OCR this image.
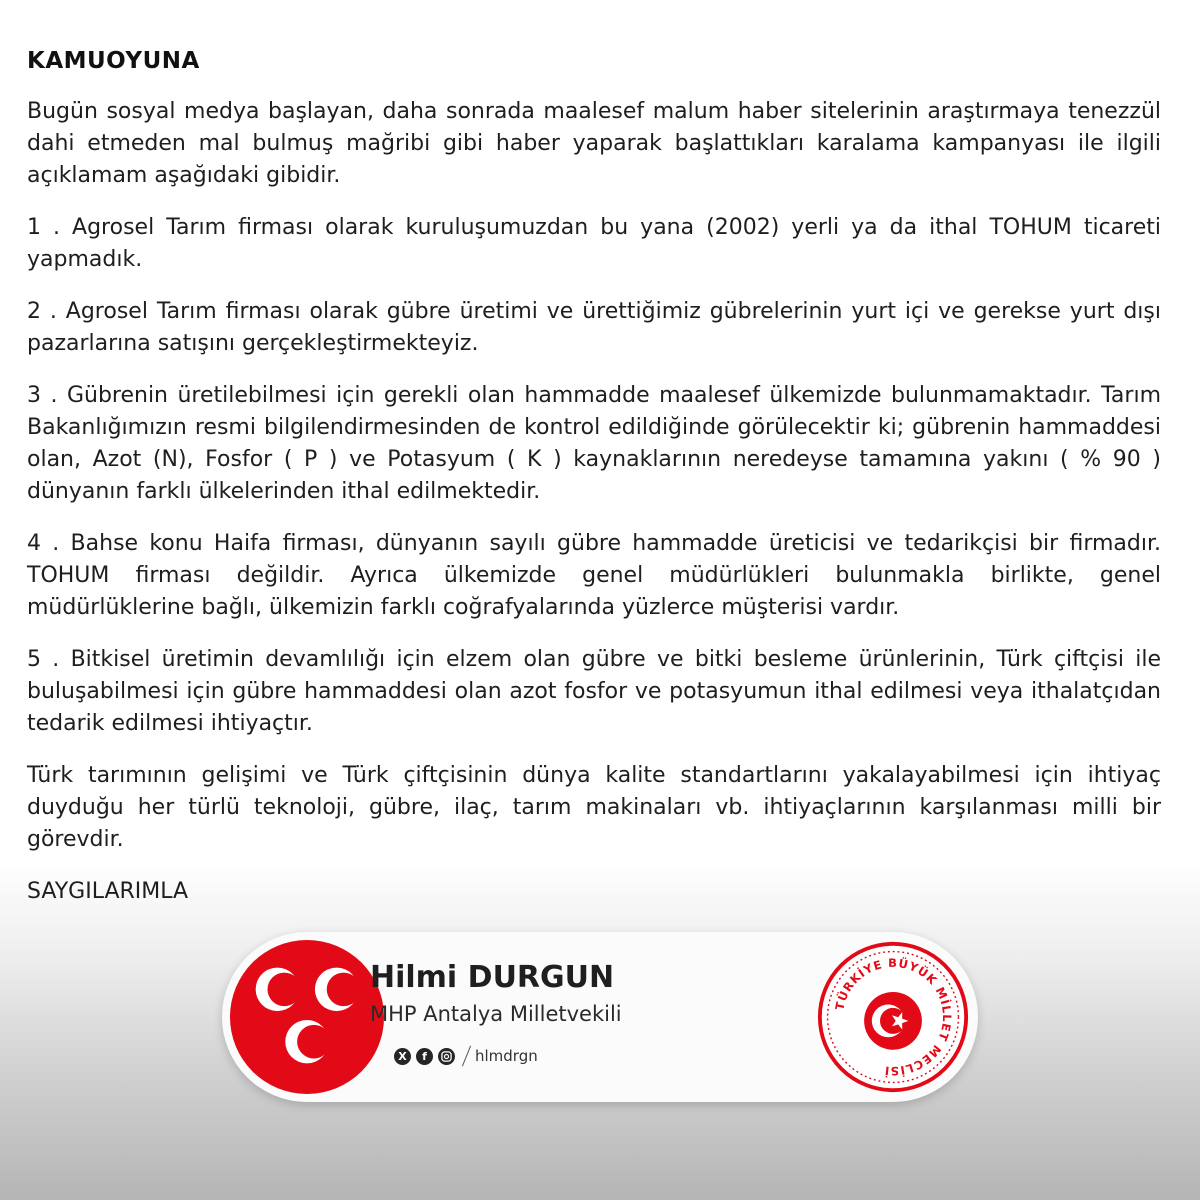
KAMUOYUNA

Bugün sosyal medya başlayan, daha sonrada maalesef malum haber sitelerinin araştırmaya tenezzül dahi etmeden mal bulmuş mağribi gibi haber yaparak başlattıkları karalama kampanyası ile ilgili açıklamam aşağıdaki gibidir.

1 . Agrosel Tarım firması olarak kuruluşumuzdan bu yana (2002) yerli ya da ithal TOHUM ticareti yapmadık.

2 . Agrosel Tarım firması olarak gübre üretimi ve ürettiğimiz gübrelerinin yurt içi ve gerekse yurt dışı pazarlarına satışını gerçekleştirmekteyiz.

3 . Gübrenin üretilebilmesi için gerekli olan hammadde maalesef ülkemizde bulunmamaktadır. Tarım Bakanlığımızın resmi bilgilendirmesinden de kontrol edildiğinde görülecektir ki; gübrenin hammaddesi olan, Azot (N), Fosfor ( P ) ve Potasyum ( K ) kaynaklarının neredeyse tamamına yakını ( % 90 ) dünyanın farklı ülkelerinden ithal edilmektedir.

4 . Bahse konu Haifa firması, dünyanın sayılı gübre hammadde üreticisi ve tedarikçisi bir firmadır. TOHUM firması değildir. Ayrıca ülkemizde genel müdürlükleri bulunmakla birlikte, genel müdürlüklerine bağlı, ülkemizin farklı coğrafyalarında yüzlerce müşterisi vardır.

5 . Bitkisel üretimin devamlılığı için elzem olan gübre ve bitki besleme ürünlerinin, Türk çiftçisi ile buluşabilmesi için gübre hammaddesi olan azot fosfor ve potasyumun ithal edilmesi veya ithalatçıdan tedarik edilmesi ihtiyaçtır.

Türk tarımının gelişimi ve Türk çiftçisinin dünya kalite standartlarını yakalayabilmesi için ihtiyaç duyduğu her türlü teknoloji, gübre, ilaç, tarım makinaları vb. ihtiyaçlarının karşılanması milli bir görevdir.

SAYGILARIMLA
Hilmi DURGUN
MHP Antalya Milletvekili
X	f	hlmdrgn
TÜRKİYE BÜYÜK MİLLET MECLİSİ
